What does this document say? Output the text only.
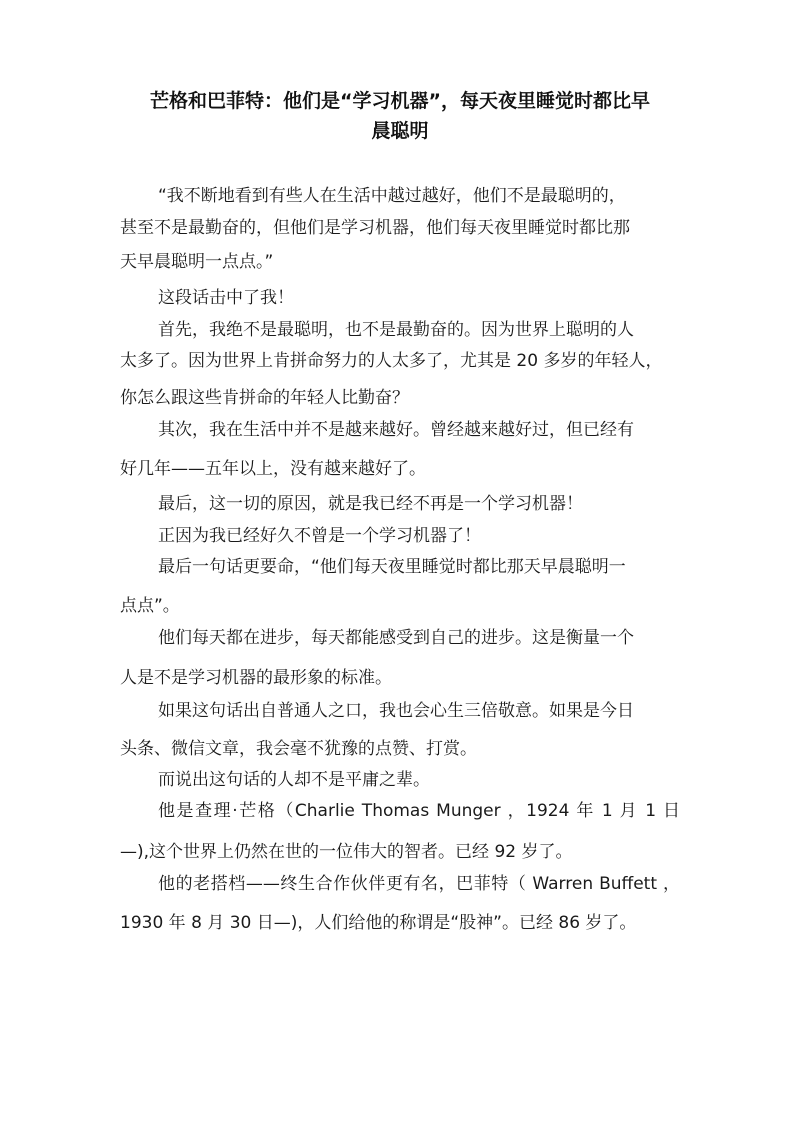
芒格和巴菲特：他们是“学习机器”，每天夜里睡觉时都比早
晨聪明

“我不断地看到有些人在生活中越过越好，他们不是最聪明的，

甚至不是最勤奋的，但他们是学习机器，他们每天夜里睡觉时都比那

天早晨聪明一点点。”

这段话击中了我！

首先，我绝不是最聪明，也不是最勤奋的。因为世界上聪明的人

太多了。因为世界上肯拼命努力的人太多了，尤其是 20 多岁的年轻人，

你怎么跟这些肯拼命的年轻人比勤奋？

其次，我在生活中并不是越来越好。曾经越来越好过，但已经有

好几年——五年以上，没有越来越好了。

最后，这一切的原因，就是我已经不再是一个学习机器！

正因为我已经好久不曾是一个学习机器了！

最后一句话更要命，“他们每天夜里睡觉时都比那天早晨聪明一

点点”。

他们每天都在进步，每天都能感受到自己的进步。这是衡量一个

人是不是学习机器的最形象的标准。

如果这句话出自普通人之口，我也会心生三倍敬意。如果是今日

头条、微信文章，我会毫不犹豫的点赞、打赏。

而说出这句话的人却不是平庸之辈。

他是查理·芒格（Charlie Thomas Munger ，1924 年 1 月 1 日

—),这个世界上仍然在世的一位伟大的智者。已经 92 岁了。

他的老搭档——终生合作伙伴更有名，巴菲特（ Warren Buffett ，

1930 年 8 月 30 日—)，人们给他的称谓是“股神”。已经 86 岁了。
